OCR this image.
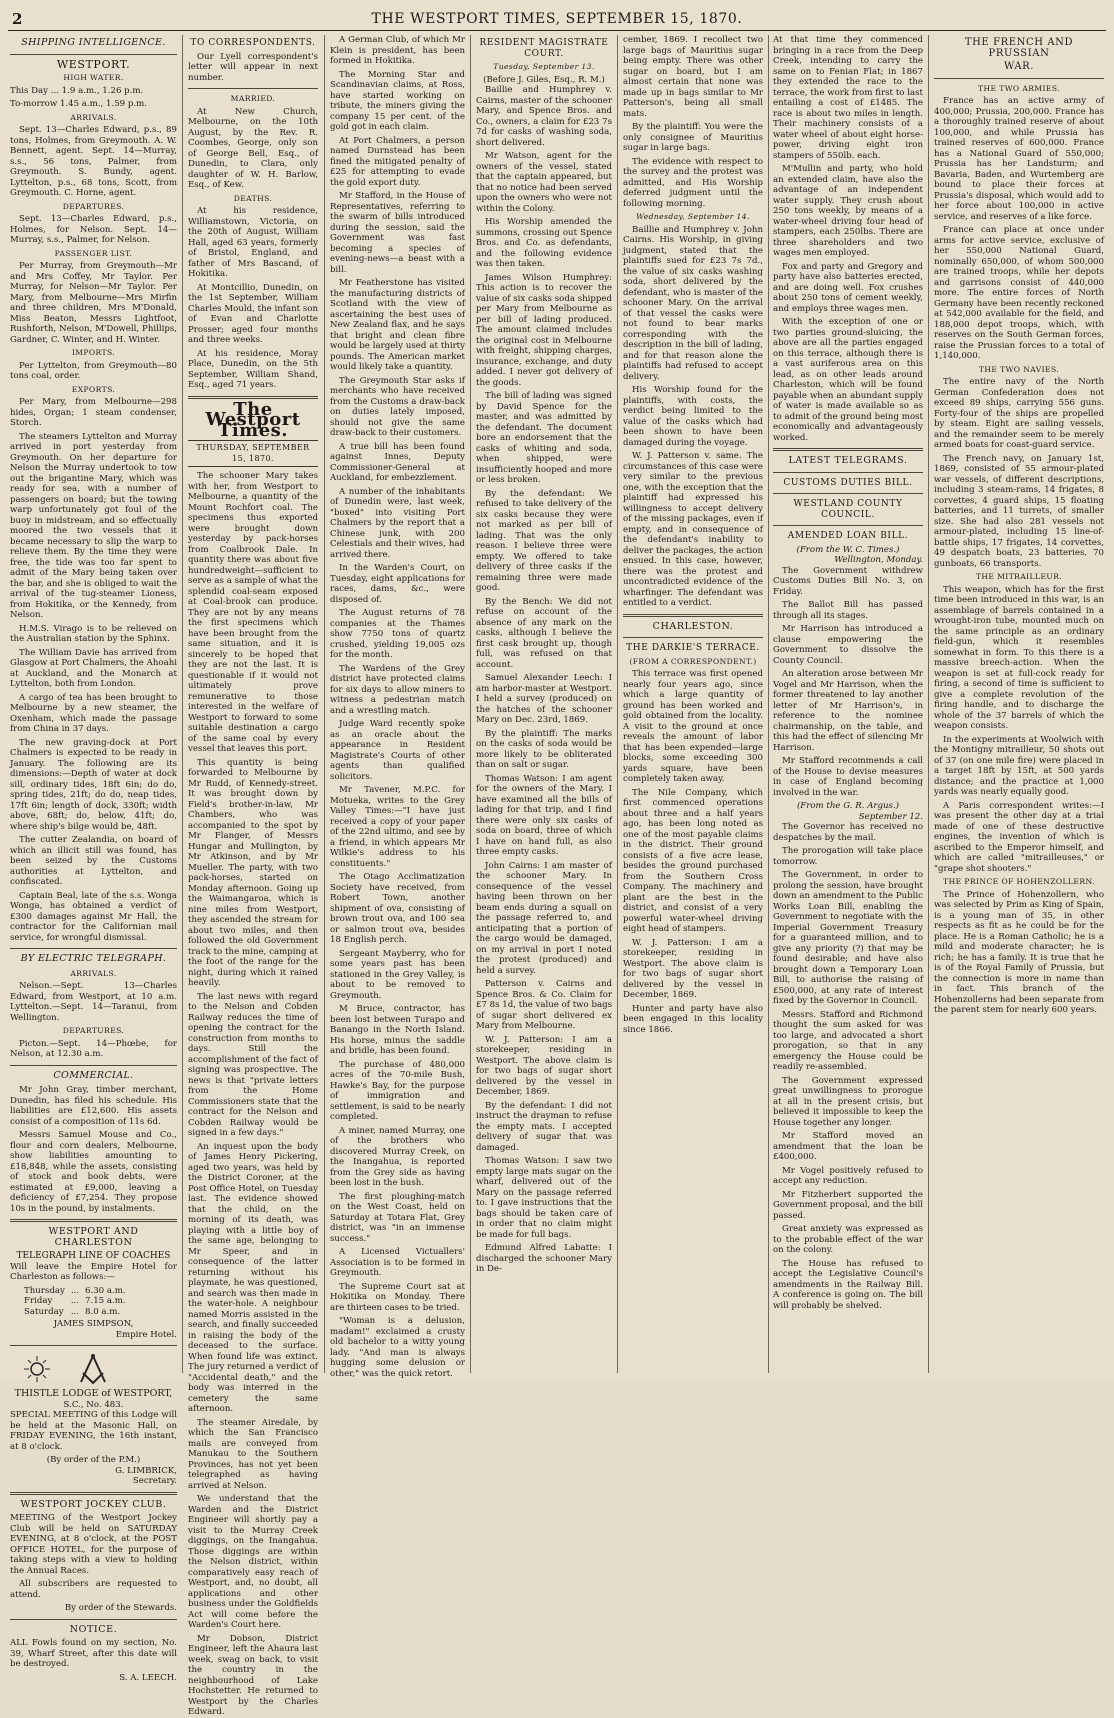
2	THE WESTPORT TIMES, SEPTEMBER 15, 1870.
SHIPPING INTELLIGENCE.
WESTPORT.
HIGH WATER.

This Day ... 1.9 a.m., 1.26 p.m.

To-morrow 1.45 a.m., 1.59 p.m.

ARRIVALS.

Sept. 13—Charles Edward, p.s., 89 tons, Holmes, from Greymouth. A. W. Bennett, agent. Sept. 14—Murray, s.s., 56 tons, Palmer, from Greymouth. S. Bundy, agent. Lyttelton, p.s., 68 tons, Scott, from Greymouth. C. Horne, agent.

DEPARTURES.

Sept. 13—Charles Edward, p.s., Holmes, for Nelson. Sept. 14—Murray, s.s., Palmer, for Nelson.

PASSENGER LIST.

Per Murray, from Greymouth—Mr and Mrs Coffey, Mr Taylor. Per Murray, for Nelson—Mr Taylor. Per Mary, from Melbourne—Mrs Mirfin and three children, Mrs M'Donald, Miss Beaton, Messrs Lightfoot, Rushforth, Nelson, M'Dowell, Phillips, Gardner, C. Winter, and H. Winter.

IMPORTS.

Per Lyttelton, from Greymouth—80 tons coal, order.

EXPORTS.

Per Mary, from Melbourne—298 hides, Organ; 1 steam condenser, Storch.

The steamers Lyttelton and Murray arrived in port yesterday from Greymouth. On her departure for Nelson the Murray undertook to tow out the brigantine Mary, which was ready for sea, with a number of passengers on board; but the towing warp unfortunately got foul of the buoy in midstream, and so effectually moored the two vessels that it became necessary to slip the warp to relieve them. By the time they were free, the tide was too far spent to admit of the Mary being taken over the bar, and she is obliged to wait the arrival of the tug-steamer Lioness, from Hokitika, or the Kennedy, from Nelson.

H.M.S. Virago is to be relieved on the Australian station by the Sphinx.

The William Davie has arrived from Glasgow at Port Chalmers, the Ahoahi at Auckland, and the Monarch at Lyttelton, both from London.

A cargo of tea has been brought to Melbourne by a new steamer, the Oxenham, which made the passage from China in 37 days.

The new graving-dock at Port Chalmers is expected to be ready in January. The following are its dimensions:—Depth of water at dock sill, ordinary tides, 18ft 6in; do do, spring tides, 21ft; do do, neap tides, 17ft 6in; length of dock, 330ft; width above, 68ft; do, below, 41ft; do, where ship's bilge would be, 48ft.

The cutter Zealandia, on board of which an illicit still was found, has been seized by the Customs authorities at Lyttelton, and confiscated.

Captain Beal, late of the s.s. Wonga Wonga, has obtained a verdict of £300 damages against Mr Hall, the contractor for the Californian mail service, for wrongful dismissal.

BY ELECTRIC TELEGRAPH.
ARRIVALS.

Nelson.—Sept. 13—Charles Edward, from Westport, at 10 a.m. Lyttelton.—Sept. 14—Taranui, from Wellington.

DEPARTURES.

Picton.—Sept. 14—Phœbe, for Nelson, at 12.30 a.m.

COMMERCIAL.

Mr John Gray, timber merchant, Dunedin, has filed his schedule. His liabilities are £12,600. His assets consist of a composition of 11s 6d.

Messrs Samuel Mouse and Co., flour and corn dealers, Melbourne, show liabilities amounting to £18,848, while the assets, consisting of stock and book debts, were estimated at £9,000, leaving a deficiency of £7,254. They propose 10s in the pound, by instalments.

WESTPORT AND CHARLESTON
TELEGRAPH LINE OF COACHES

Will leave the Empire Hotel for Charleston as follows:—

Thursday	...	6.30 a.m.
Friday	...	7.15 a.m.
Saturday	...	8.0 a.m.
JAMES SIMPSON,
Empire Hotel.
THISTLE LODGE of WESTPORT,
S.C., No. 483.

SPECIAL MEETING of this Lodge will be held at the Masonic Hall, on FRIDAY EVENING, the 16th instant, at 8 o'clock.

(By order of the P.M.)
G. LIMBRICK,
Secretary.
WESTPORT JOCKEY CLUB.

MEETING of the Westport Jockey Club will be held on SATURDAY EVENING, at 8 o'clock, at the POST OFFICE HOTEL, for the purpose of taking steps with a view to holding the Annual Races.

All subscribers are requested to attend.

By order of the Stewards.
NOTICE.

ALL Fowls found on my section, No. 39, Wharf Street, after this date will be destroyed.

S. A. LEECH.
TO CORRESPONDENTS.

Our Lyell correspondent's letter will appear in next number.

MARRIED.

At New Church, Melbourne, on the 10th August, by the Rev. R. Coombes, George, only son of George Bell, Esq., of Dunedin, to Clara, only daughter of W. H. Barlow, Esq., of Kew.

DEATHS.

At his residence, Williamstown, Victoria, on the 20th of August, William Hall, aged 63 years, formerly of Bristol, England, and father of Mrs Bascand, of Hokitika.

At Montcillio, Dunedin, on the 1st September, William Charles Mould, the infant son of Evan and Charlotte Prosser; aged four months and three weeks.

At his residence, Moray Place, Dunedin, on the 5th September, William Shand, Esq., aged 71 years.

The Westport Times.
THURSDAY, SEPTEMBER 15, 1870.

The schooner Mary takes with her, from Westport to Melbourne, a quantity of the Mount Rochfort coal. The specimens thus exported were brought down yesterday by pack-horses from Coalbrook Dale. In quantity there was about five hundredweight—sufficient to serve as a sample of what the splendid coal-seam exposed at Coal-brook can produce. They are not by any means the first specimens which have been brought from the same situation, and it is sincerely to be hoped that they are not the last. It is questionable if it would not ultimately prove remunerative to those interested in the welfare of Westport to forward to some suitable destination a cargo of the same coal by every vessel that leaves this port.

This quantity is being forwarded to Melbourne by Mr Rudd, of Kennedy-street. It was brought down by Field's brother-in-law, Mr Chambers, who was accompanied to the spot by Mr Flanger, of Messrs Hungar and Mullington, by Mr Atkinson, and by Mr Mueller. The party, with two pack-horses, started on Monday afternoon. Going up the Waimangaroa, which is nine miles from Westport, they ascended the stream for about two miles, and then followed the old Government track to the mine, camping at the foot of the range for the night, during which it rained heavily.

The last news with regard to the Nelson and Cobden Railway reduces the time of opening the contract for the construction from months to days. Still the accomplishment of the fact of signing was prospective. The news is that "private letters from the Home Commissioners state that the contract for the Nelson and Cobden Railway would be signed in a few days."

An inquest upon the body of James Henry Pickering, aged two years, was held by the District Coroner, at the Post Office Hotel, on Tuesday last. The evidence showed that the child, on the morning of its death, was playing with a little boy of the same age, belonging to Mr Speer, and in consequence of the latter returning without his playmate, he was questioned, and search was then made in the water-hole. A neighbour named Morris assisted in the search, and finally succeeded in raising the body of the deceased to the surface. When found life was extinct. The jury returned a verdict of "Accidental death," and the body was interred in the cemetery the same afternoon.

The steamer Airedale, by which the San Francisco mails are conveyed from Manukau to the Southern Provinces, has not yet been telegraphed as having arrived at Nelson.

We understand that the Warden and the District Engineer will shortly pay a visit to the Murray Creek diggings, on the Inangahua. Those diggings are within the Nelson district, within comparatively easy reach of Westport, and, no doubt, all applications and other business under the Goldfields Act will come before the Warden's Court here.

Mr Dobson, District Engineer, left the Ahaura last week, swag on back, to visit the country in the neighbourhood of Lake Hochstetter. He returned to Westport by the Charles Edward.

A German Club, of which Mr Klein is president, has been formed in Hokitika.

The Morning Star and Scandinavian claims, at Ross, have started working on tribute, the miners giving the company 15 per cent. of the gold got in each claim.

At Port Chalmers, a person named Durnstead has been fined the mitigated penalty of £25 for attempting to evade the gold export duty.

Mr Stafford, in the House of Representatives, referring to the swarm of bills introduced during the session, said the Government was fast becoming a species of evening-news—a beast with a bill.

Mr Featherstone has visited the manufacturing districts of Scotland with the view of ascertaining the best uses of New Zealand flax, and he says that bright and clean fibre would be largely used at thirty pounds. The American market would likely take a quantity.

The Greymouth Star asks if merchants who have received from the Customs a draw-back on duties lately imposed, should not give the same draw-back to their customers.

A true bill has been found against Innes, Deputy Commissioner-General at Auckland, for embezzlement.

A number of the inhabitants of Dunedin were, last week, "boxed" into visiting Port Chalmers by the report that a Chinese junk, with 200 Celestials and their wives, had arrived there.

In the Warden's Court, on Tuesday, eight applications for races, dams, &c., were disposed of.

The August returns of 78 companies at the Thames show 7750 tons of quartz crushed, yielding 19,005 ozs for the month.

The Wardens of the Grey district have protected claims for six days to allow miners to witness a pedestrian match and a wrestling match.

Judge Ward recently spoke as an oracle about the appearance in Resident Magistrate's Courts of other agents than qualified solicitors.

Mr Tavener, M.P.C. for Motueka, writes to the Grey Valley Times:—"I have just received a copy of your paper of the 22nd ultimo, and see by a friend, in which appears Mr Wilkie's address to his constituents."

The Otago Acclimatization Society have received, from Robert Town, another shipment of ova, consisting of brown trout ova, and 100 sea or salmon trout ova, besides 18 English perch.

Sergeant Mayberry, who for some years past has been stationed in the Grey Valley, is about to be removed to Greymouth.

M Bruce, contractor, has been lost between Turapo and Banango in the North Island. His horse, minus the saddle and bridle, has been found.

The purchase of 480,000 acres of the 70-mile Bush, Hawke's Bay, for the purpose of immigration and settlement, is said to be nearly completed.

A miner, named Murray, one of the brothers who discovered Murray Creek, on the Inangahua, is reported from the Grey side as having been lost in the bush.

The first ploughing-match on the West Coast, held on Saturday at Totara Flat, Grey district, was "in an immense success."

A Licensed Victuallers' Association is to be formed in Greymouth.

The Supreme Court sat at Hokitika on Monday. There are thirteen cases to be tried.

"Woman is a delusion, madam!" exclaimed a crusty old bachelor to a witty young lady. "And man is always hugging some delusion or other," was the quick retort.

RESIDENT MAGISTRATE COURT.
Tuesday, September 13.
(Before J. Giles, Esq., R. M.)

Baillie and Humphrey v. Cairns, master of the schooner Mary, and Spence Bros. and Co., owners, a claim for £23 7s 7d for casks of washing soda, short delivered.

Mr Watson, agent for the owners of the vessel, stated that the captain appeared, but that no notice had been served upon the owners who were not within the Colony.

His Worship amended the summons, crossing out Spence Bros. and Co. as defendants, and the following evidence was then taken.

James Wilson Humphrey: This action is to recover the value of six casks soda shipped per Mary from Melbourne as per bill of lading produced. The amount claimed includes the original cost in Melbourne with freight, shipping charges, insurance, exchange, and duty added. I never got delivery of the goods.

The bill of lading was signed by David Spence for the master, and was admitted by the defendant. The document bore an endorsement that the casks of whiting and soda, when shipped, were insufficiently hooped and more or less broken.

By the defendant: We refused to take delivery of the six casks because they were not marked as per bill of lading. That was the only reason. I believe three were empty. We offered to take delivery of three casks if the remaining three were made good.

By the Bench: We did not refuse on account of the absence of any mark on the casks, although I believe the first cask brought up, though full, was refused on that account.

Samuel Alexander Leech: I am harbor-master at Westport. I held a survey (produced) on the hatches of the schooner Mary on Dec. 23rd, 1869.

By the plaintiff: The marks on the casks of soda would be more likely to be obliterated than on salt or sugar.

Thomas Watson: I am agent for the owners of the Mary. I have examined all the bills of lading for that trip, and I find there were only six casks of soda on board, three of which I have on hand full, as also three empty casks.

John Cairns: I am master of the schooner Mary. In consequence of the vessel having been thrown on her beam ends during a squall on the passage referred to, and anticipating that a portion of the cargo would be damaged, on my arrival in port I noted the protest (produced) and held a survey.

Patterson v. Cairns and Spence Bros. & Co. Claim for £7 8s 1d, the value of two bags of sugar short delivered ex Mary from Melbourne.

W. J. Patterson: I am a storekeeper, residing in Westport. The above claim is for two bags of sugar short delivered by the vessel in December, 1869.

By the defendant: I did not instruct the drayman to refuse the empty mats. I accepted delivery of sugar that was damaged.

Thomas Watson: I saw two empty large mats sugar on the wharf, delivered out of the Mary on the passage referred to. I gave instructions that the bags should be taken care of in order that no claim might be made for full bags.

Edmund Alfred Labatte: I discharged the schooner Mary in De-

cember, 1869. I recollect two large bags of Mauritius sugar being empty. There was other sugar on board, but I am almost certain that none was made up in bags similar to Mr Patterson's, being all small mats.

By the plaintiff: You were the only consignee of Mauritius sugar in large bags.

The evidence with respect to the survey and the protest was admitted, and His Worship deferred judgment until the following morning.

Wednesday, September 14.

Baillie and Humphrey v. John Cairns. His Worship, in giving judgment, stated that the plaintiffs sued for £23 7s 7d., the value of six casks washing soda, short delivered by the defendant, who is master of the schooner Mary. On the arrival of that vessel the casks were not found to bear marks corresponding with the description in the bill of lading, and for that reason alone the plaintiffs had refused to accept delivery.

His Worship found for the plaintiffs, with costs, the verdict being limited to the value of the casks which had been shown to have been damaged during the voyage.

W. J. Patterson v. same. The circumstances of this case were very similar to the previous one, with the exception that the plaintiff had expressed his willingness to accept delivery of the missing packages, even if empty, and in consequence of the defendant's inability to deliver the packages, the action ensued. In this case, however, there was the protest and uncontradicted evidence of the wharfinger. The defendant was entitled to a verdict.

CHARLESTON.
THE DARKIE'S TERRACE.
(FROM A CORRESPONDENT.)

This terrace was first opened nearly four years ago, since which a large quantity of ground has been worked and gold obtained from the locality. A visit to the ground at once reveals the amount of labor that has been expended—large blocks, some exceeding 300 yards square, have been completely taken away.

The Nile Company, which first commenced operations about three and a half years ago, has been long noted as one of the most payable claims in the district. Their ground consists of a five acre lease, besides the ground purchased from the Southern Cross Company. The machinery and plant are the best in the district, and consist of a very powerful water-wheel driving eight head of stampers.

W. J. Patterson: I am a storekeeper, residing in Westport. The above claim is for two bags of sugar short delivered by the vessel in December, 1869.

Hunter and party have also been engaged in this locality since 1866.

At that time they commenced bringing in a race from the Deep Creek, intending to carry the same on to Fenian Flat; in 1867 they extended the race to the terrace, the work from first to last entailing a cost of £1485. The race is about two miles in length. Their machinery consists of a water wheel of about eight horse-power, driving eight iron stampers of 550lb. each.

M'Mullin and party, who hold an extended claim, have also the advantage of an independent water supply. They crush about 250 tons weekly, by means of a water-wheel driving four head of stampers, each 250lbs. There are three shareholders and two wages men employed.

Fox and party and Gregory and party have also batteries erected, and are doing well. Fox crushes about 250 tons of cement weekly, and employs three wages men.

With the exception of one or two parties ground-sluicing, the above are all the parties engaged on this terrace, although there is a vast auriferous area on this lead, as on other leads around Charleston, which will be found payable when an abundant supply of water is made available so as to admit of the ground being most economically and advantageously worked.

LATEST TELEGRAMS.
CUSTOMS DUTIES BILL.
WESTLAND COUNTY COUNCIL.
AMENDED LOAN BILL.
(From the W. C. Times.)
Wellington, Monday.

The Government withdrew Customs Duties Bill No. 3, on Friday.

The Ballot Bill has passed through all its stages.

Mr Harrison has introduced a clause empowering the Government to dissolve the County Council.

An alteration arose between Mr Vogel and Mr Harrison, when the former threatened to lay another letter of Mr Harrison's, in reference to the nominee chairmanship, on the table, and this had the effect of silencing Mr Harrison.

Mr Stafford recommends a call of the House to devise measures in case of England becoming involved in the war.

(From the G. R. Argus.)
September 12.

The Governor has received no despatches by the mail.

The prorogation will take place tomorrow.

The Government, in order to prolong the session, have brought down an amendment to the Public Works Loan Bill, enabling the Government to negotiate with the Imperial Government Treasury for a guaranteed million, and to give any priority (?) that may be found desirable; and have also brought down a Temporary Loan Bill, to authorise the raising of £500,000, at any rate of interest fixed by the Governor in Council.

Messrs. Stafford and Richmond thought the sum asked for was too large, and advocated a short prorogation, so that in any emergency the House could be readily re-assembled.

The Government expressed great unwillingness to prorogue at all in the present crisis, but believed it impossible to keep the House together any longer.

Mr Stafford moved an amendment that the loan be £400,000.

Mr Vogel positively refused to accept any reduction.

Mr Fitzherbert supported the Government proposal, and the bill passed.

Great anxiety was expressed as to the probable effect of the war on the colony.

The House has refused to accept the Legislative Council's amendments in the Railway Bill. A conference is going on. The bill will probably be shelved.

THE FRENCH AND PRUSSIAN
WAR.
THE TWO ARMIES.

France has an active army of 400,000; Prussia, 200,000. France has a thoroughly trained reserve of about 100,000, and while Prussia has trained reserves of 600,000. France has a National Guard of 550,000; Prussia has her Landsturm; and Bavaria, Baden, and Wurtemberg are bound to place their forces at Prussia's disposal, which would add to her force about 100,000 in active service, and reserves of a like force.

France can place at once under arms for active service, exclusive of her 550,000 National Guard, nominally 650,000, of whom 500,000 are trained troops, while her depots and garrisons consist of 440,000 more. The entire forces of North Germany have been recently reckoned at 542,000 available for the field, and 188,000 depot troops, which, with reserves on the South German forces, raise the Prussian forces to a total of 1,140,000.

THE TWO NAVIES.

The entire navy of the North German Confederation does not exceed 89 ships, carrying 556 guns. Forty-four of the ships are propelled by steam. Eight are sailing vessels, and the remainder seem to be merely armed boats for coast-guard service.

The French navy, on January 1st, 1869, consisted of 55 armour-plated war vessels, of different descriptions, including 3 steam-rams, 14 frigates, 8 corvettes, 4 guard ships, 15 floating batteries, and 11 turrets, of smaller size. She had also 281 vessels not armour-plated, including 15 line-of-battle ships, 17 frigates, 14 corvettes, 49 despatch boats, 23 batteries, 70 gunboats, 66 transports.

THE MITRAILLEUR.

This weapon, which has for the first time been introduced in this war, is an assemblage of barrels contained in a wrought-iron tube, mounted much on the same principle as an ordinary field-gun, which it resembles somewhat in form. To this there is a massive breech-action. When the weapon is set at full-cock ready for firing, a second of time is sufficient to give a complete revolution of the firing handle, and to discharge the whole of the 37 barrels of which the weapon consists.

In the experiments at Woolwich with the Montigny mitrailleur, 50 shots out of 37 (on one mile fire) were placed in a target 18ft by 15ft, at 500 yards distance; and the practice at 1,000 yards was nearly equally good.

A Paris correspondent writes:—I was present the other day at a trial made of one of these destructive engines, the invention of which is ascribed to the Emperor himself, and which are called "mitrailleuses," or "grape shot shooters."

THE PRINCE OF HOHENZOLLERN.

The Prince of Hohenzollern, who was selected by Prim as King of Spain, is a young man of 35, in other respects as fit as he could be for the place. He is a Roman Catholic; he is a mild and moderate character; he is rich; he has a family. It is true that he is of the Royal Family of Prussia, but the connection is more in name than in fact. This branch of the Hohenzollerns had been separate from the parent stem for nearly 600 years.
